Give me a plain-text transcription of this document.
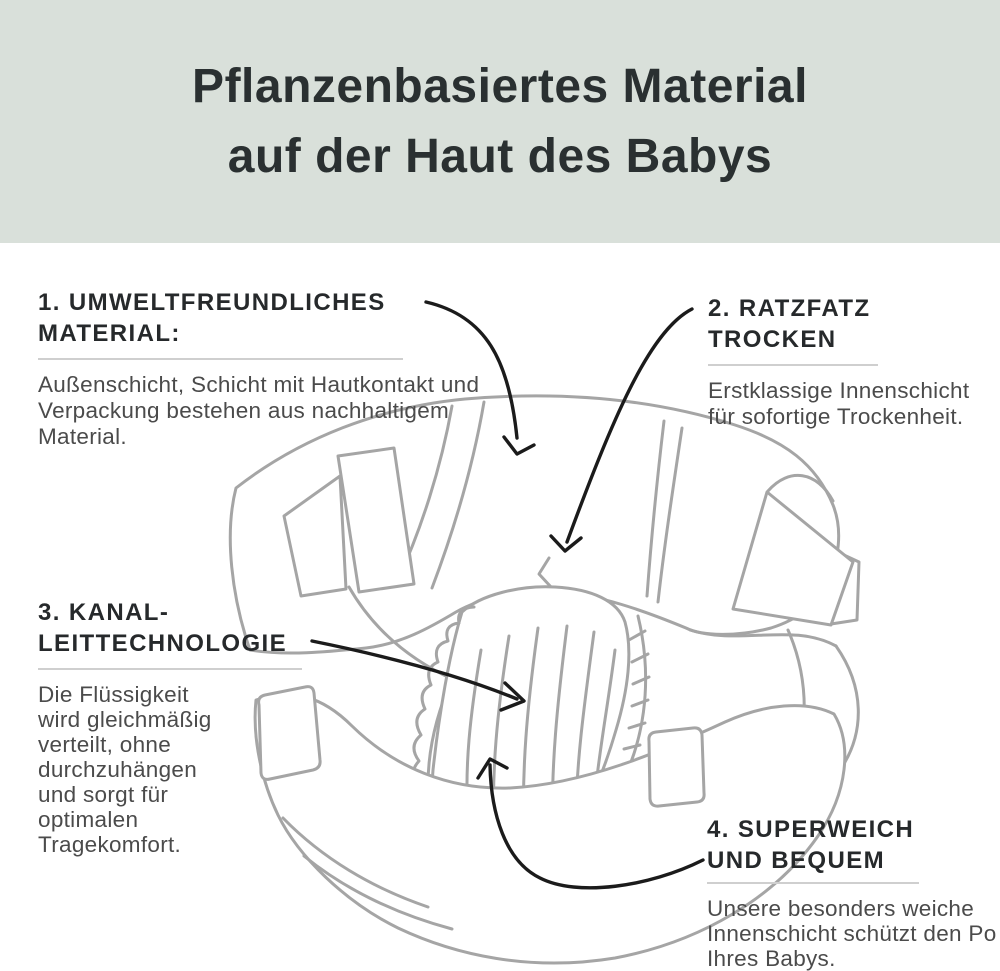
Pflanzenbasiertes Material
auf der Haut des Babys
1. UMWELTFREUNDLICHES
MATERIAL:

Außenschicht, Schicht mit Hautkontakt und Verpackung bestehen aus nachhaltigem Material.

2. RATZFATZ
TROCKEN

Erstklassige Innenschicht für sofortige Trockenheit.

3. KANAL-
LEITTECHNOLOGIE

Die Flüssigkeit wird gleichmäßig verteilt, ohne durchzuhängen und sorgt für optimalen Tragekomfort.

4. SUPERWEICH
UND BEQUEM

Unsere besonders weiche Innenschicht schützt den Po Ihres Babys.
